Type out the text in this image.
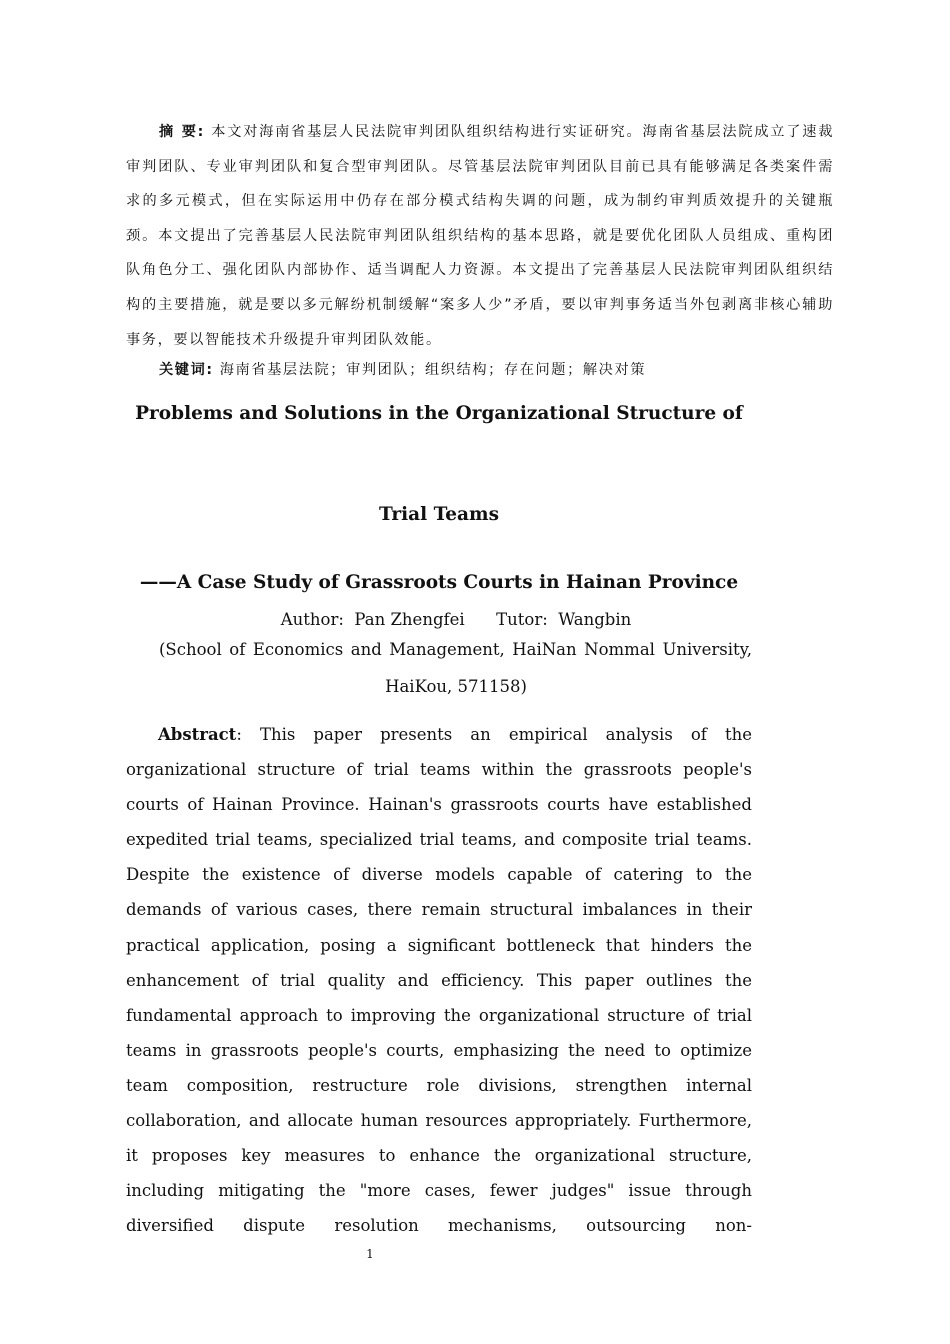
摘 要: 本文对海南省基层人民法院审判团队组织结构进行实证研究。海南省基层法院成立了速裁审判团队、专业审判团队和复合型审判团队。尽管基层法院审判团队目前已具有能够满足各类案件需求的多元模式，但在实际运用中仍存在部分模式结构失调的问题，成为制约审判质效提升的关键瓶颈。本文提出了完善基层人民法院审判团队组织结构的基本思路，就是要优化团队人员组成、重构团队角色分工、强化团队内部协作、适当调配人力资源。本文提出了完善基层人民法院审判团队组织结构的主要措施，就是要以多元解纷机制缓解“案多人少”矛盾，要以审判事务适当外包剥离非核心辅助事务，要以智能技术升级提升审判团队效能。

关键词: 海南省基层法院；审判团队；组织结构；存在问题；解决对策

Problems and Solutions in the Organizational Structure of
Trial Teams
——A Case Study of Grassroots Courts in Hainan Province
Author:  Pan Zhengfei      Tutor:  Wangbin
(School of Economics and Management, HaiNan Nommal University,
HaiKou, 571158)

Abstract: This paper presents an empirical analysis of the organizational structure of trial teams within the grassroots people's courts of Hainan Province. Hainan's grassroots courts have established expedited trial teams, specialized trial teams, and composite trial teams. Despite the existence of diverse models capable of catering to the demands of various cases, there remain structural imbalances in their practical application, posing a significant bottleneck that hinders the enhancement of trial quality and efficiency. This paper outlines the fundamental approach to improving the organizational structure of trial teams in grassroots people's courts, emphasizing the need to optimize team composition, restructure role divisions, strengthen internal collaboration, and allocate human resources appropriately. Furthermore, it proposes key measures to enhance the organizational structure, including mitigating the "more cases, fewer judges" issue through diversified dispute resolution mechanisms, outsourcing non-

1
